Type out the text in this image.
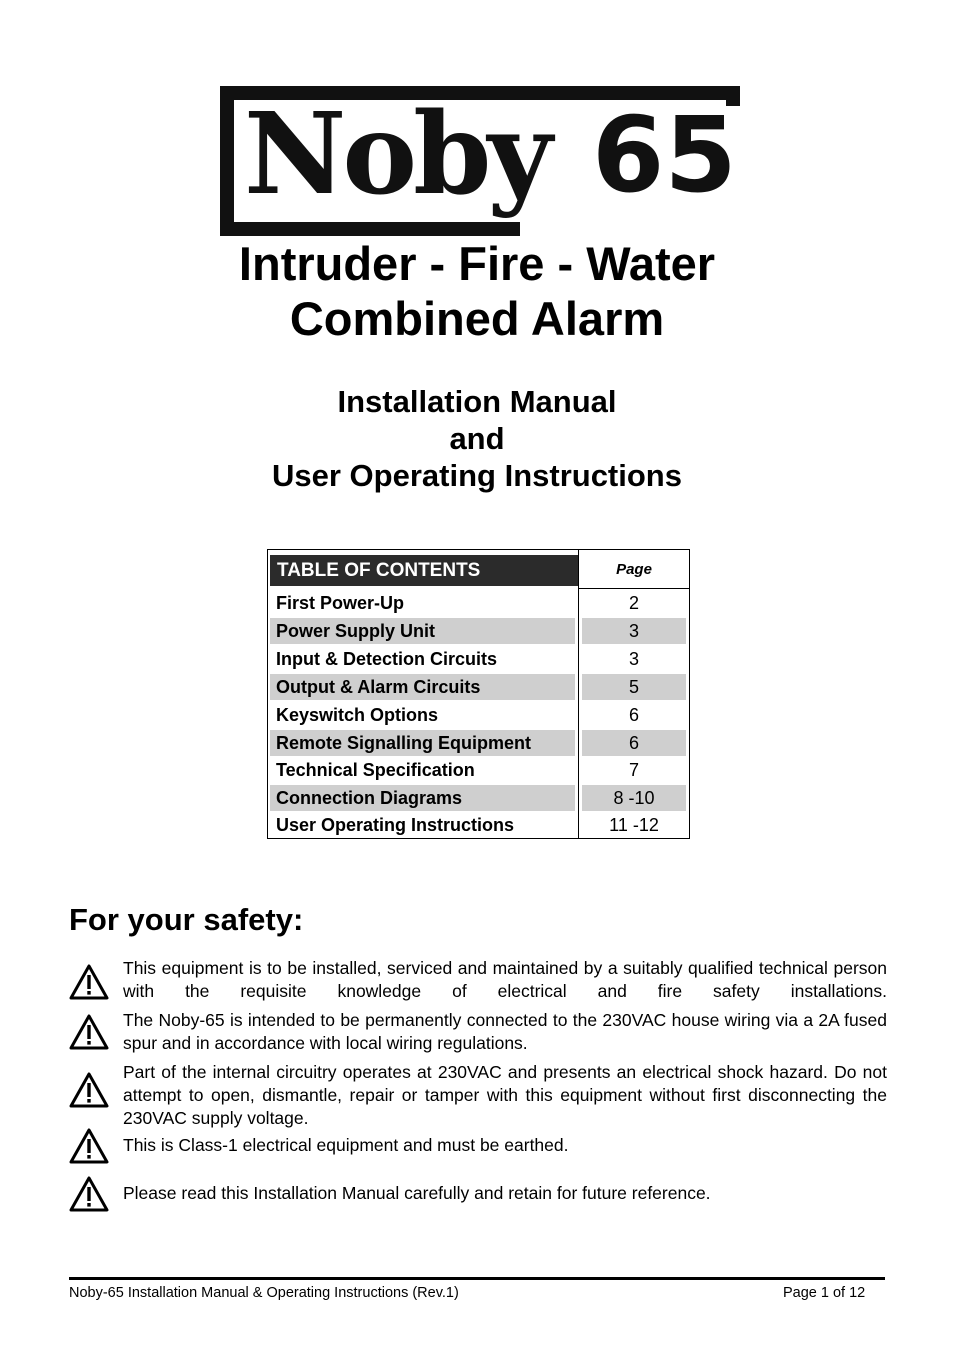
Noby 65
Intruder - Fire - Water
Combined Alarm
Installation Manual
and
User Operating Instructions
TABLE OF CONTENTS	Page
First Power-Up	2
Power Supply Unit	3
Input & Detection Circuits	3
Output & Alarm Circuits	5
Keyswitch Options	6
Remote Signalling Equipment	6
Technical Specification	7
Connection Diagrams	8 -10
User Operating Instructions	11 -12
For your safety:
This equipment is to be installed, serviced and maintained by a suitably qualified technical person with the requisite knowledge of electrical and fire safety installations.
The Noby-65 is intended to be permanently connected to the 230VAC house wiring via a 2A fused spur and in accordance with local wiring regulations.
Part of the internal circuitry operates at 230VAC and presents an electrical shock hazard. Do not attempt to open, dismantle, repair or tamper with this equipment without first disconnecting the 230VAC supply voltage.
This is Class-1 electrical equipment and must be earthed.
Please read this Installation Manual carefully and retain for future reference.
Noby-65 Installation Manual & Operating Instructions (Rev.1)	Page 1 of 12
